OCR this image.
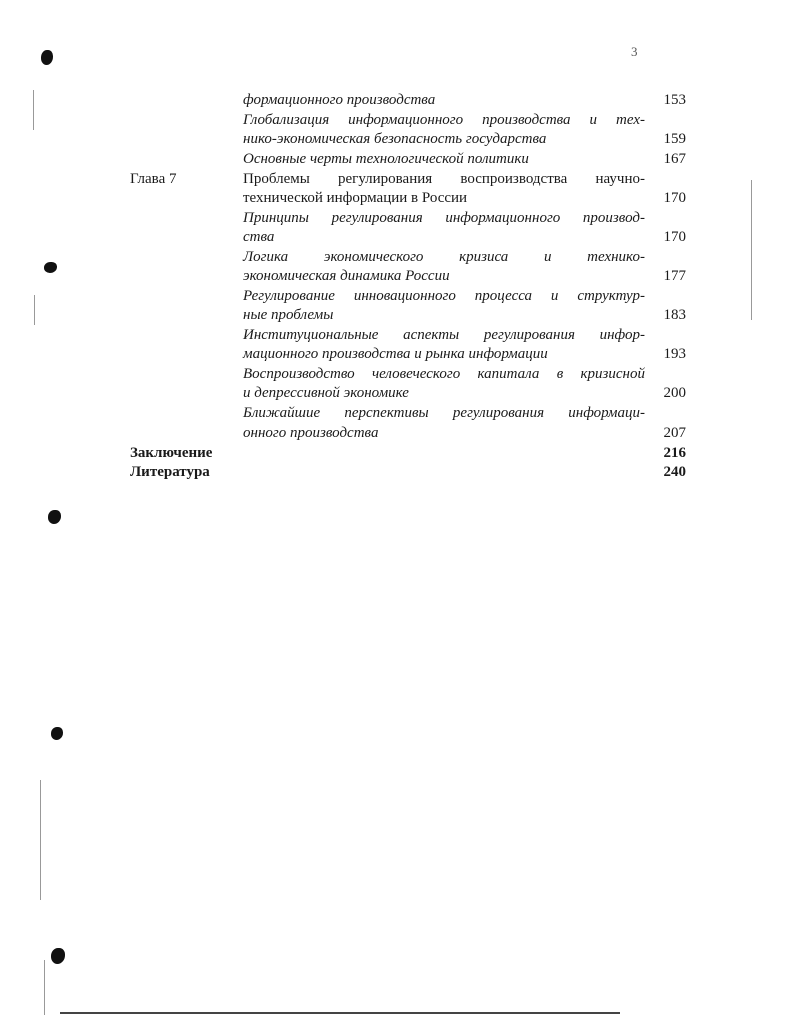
3
формационного производства	153
Глобализация информационного производства и тех-
нико-экономическая безопасность государства	159
Основные черты технологической политики	167
Глава 7	Проблемы регулирования воспроизводства научно-
технической информации в России	170
Принципы регулирования информационного производ-
ства	170
Логика экономического кризиса и технико-
экономическая динамика России	177
Регулирование инновационного процесса и структур-
ные проблемы	183
Институциональные аспекты регулирования инфор-
мационного производства и рынка информации	193
Воспроизводство человеческого капитала в кризисной
и депрессивной экономике	200
Ближайшие перспективы регулирования информаци-
онного производства	207
Заключение	216
Литература	240
